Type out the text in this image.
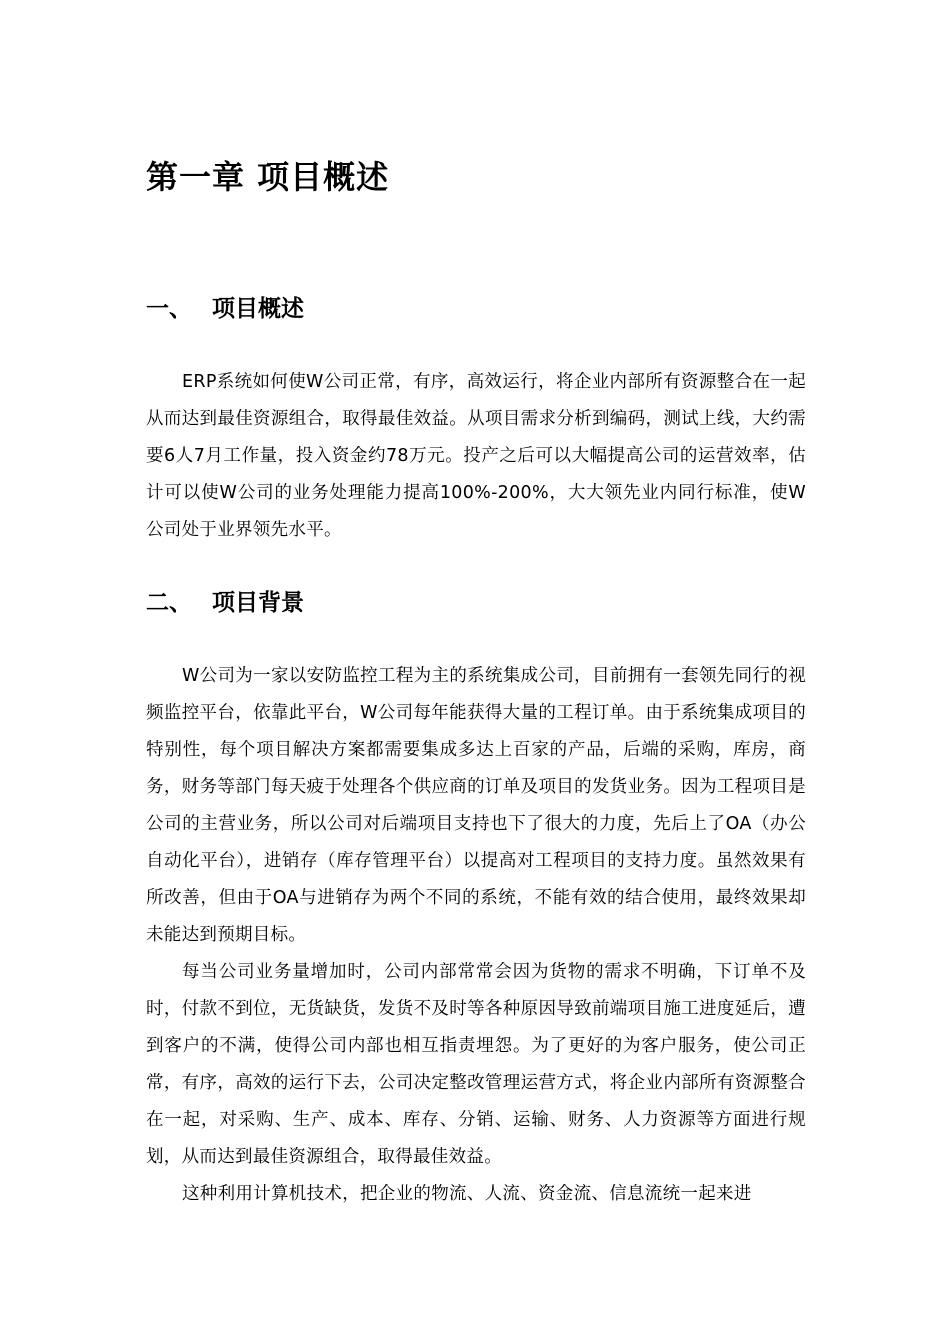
第一章 项目概述
一、 项目概述

ERP系统如何使W公司正常，有序，高效运行，将企业内部所有资源整合在一起从而达到最佳资源组合，取得最佳效益。从项目需求分析到编码，测试上线，大约需要6人7月工作量，投入资金约78万元。投产之后可以大幅提高公司的运营效率，估计可以使W公司的业务处理能力提高100%-200%，大大领先业内同行标准，使W公司处于业界领先水平。

二、 项目背景

W公司为一家以安防监控工程为主的系统集成公司，目前拥有一套领先同行的视频监控平台，依靠此平台，W公司每年能获得大量的工程订单。由于系统集成项目的特别性，每个项目解决方案都需要集成多达上百家的产品，后端的采购，库房，商务，财务等部门每天疲于处理各个供应商的订单及项目的发货业务。因为工程项目是公司的主营业务，所以公司对后端项目支持也下了很大的力度，先后上了OA（办公自动化平台），进销存（库存管理平台）以提高对工程项目的支持力度。虽然效果有所改善，但由于OA与进销存为两个不同的系统，不能有效的结合使用，最终效果却未能达到预期目标。

每当公司业务量增加时，公司内部常常会因为货物的需求不明确，下订单不及时，付款不到位，无货缺货，发货不及时等各种原因导致前端项目施工进度延后，遭到客户的不满，使得公司内部也相互指责埋怨。为了更好的为客户服务，使公司正常，有序，高效的运行下去，公司决定整改管理运营方式，将企业内部所有资源整合在一起，对采购、生产、成本、库存、分销、运输、财务、人力资源等方面进行规划，从而达到最佳资源组合，取得最佳效益。

这种利用计算机技术，把企业的物流、人流、资金流、信息流统一起来进
